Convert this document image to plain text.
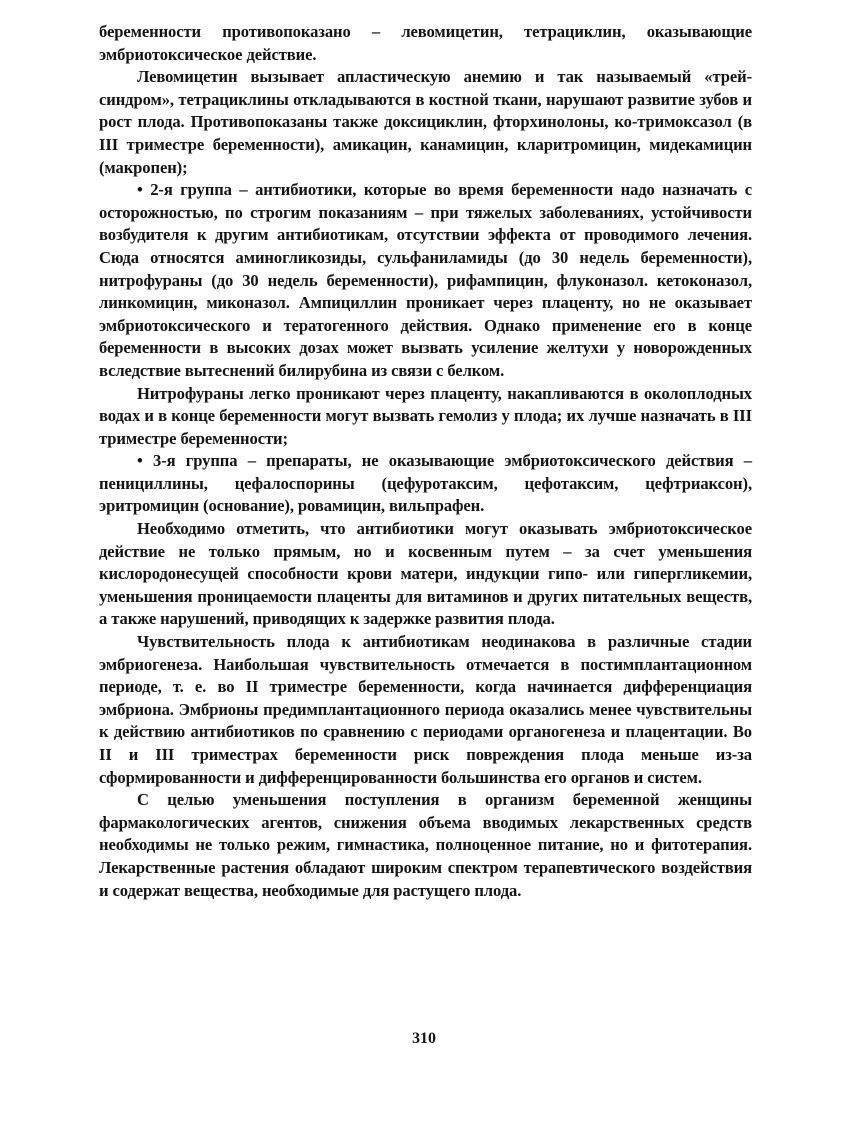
беременности противопоказано – левомицетин, тетрациклин, оказывающие эмбриотоксическое действие.

Левомицетин вызывает апластическую анемию и так называемый «трей-синдром», тетрациклины откладываются в костной ткани, нарушают развитие зубов и рост плода. Противопоказаны также доксициклин, фторхинолоны, ко-тримоксазол (в III триместре беременности), амикацин, канамицин, кларитромицин, мидекамицин (макропен);

• 2-я группа – антибиотики, которые во время беременности надо назначать с осторожностью, по строгим показаниям – при тяжелых заболеваниях, устойчивости возбудителя к другим антибиотикам, отсутствии эффекта от проводимого лечения. Сюда относятся аминогликозиды, сульфаниламиды (до 30 недель беременности), нитрофураны (до 30 недель беременности), рифампицин, флуконазол. кетоконазол, линкомицин, миконазол. Ампициллин проникает через плаценту, но не оказывает эмбриотоксического и тератогенного действия. Однако применение его в конце беременности в высоких дозах может вызвать усиление желтухи у новорожденных вследствие вытеснений билирубина из связи с белком.

Нитрофураны легко проникают через плаценту, накапливаются в околоплодных водах и в конце беременности могут вызвать гемолиз у плода; их лучше назначать в III триместре беременности;

• 3-я группа – препараты, не оказывающие эмбриотоксического действия – пенициллины, цефалоспорины (цефуротаксим, цефотаксим, цефтриаксон), эритромицин (основание), ровамицин, вильпрафен.

Необходимо отметить, что антибиотики могут оказывать эмбриотоксическое действие не только прямым, но и косвенным путем – за счет уменьшения кислородонесущей способности крови матери, индукции гипо- или гипергликемии, уменьшения проницаемости плаценты для витаминов и других питательных веществ, а также нарушений, приводящих к задержке развития плода.

Чувствительность плода к антибиотикам неодинакова в различные стадии эмбриогенеза. Наибольшая чувствительность отмечается в постимплантационном периоде, т. е. во II триместре беременности, когда начинается дифференциация эмбриона. Эмбрионы предимплантационного периода оказались менее чувствительны к действию антибиотиков по сравнению с периодами органогенеза и плацентации. Во II и III триместрах беременности риск повреждения плода меньше из-за сформированности и дифференцированности большинства его органов и систем.

С целью уменьшения поступления в организм беременной женщины фармакологических агентов, снижения объема вводимых лекарственных средств необходимы не только режим, гимнастика, полноценное питание, но и фитотерапия. Лекарственные растения обладают широким спектром терапевтического воздействия и содержат вещества, необходимые для растущего плода.

310
